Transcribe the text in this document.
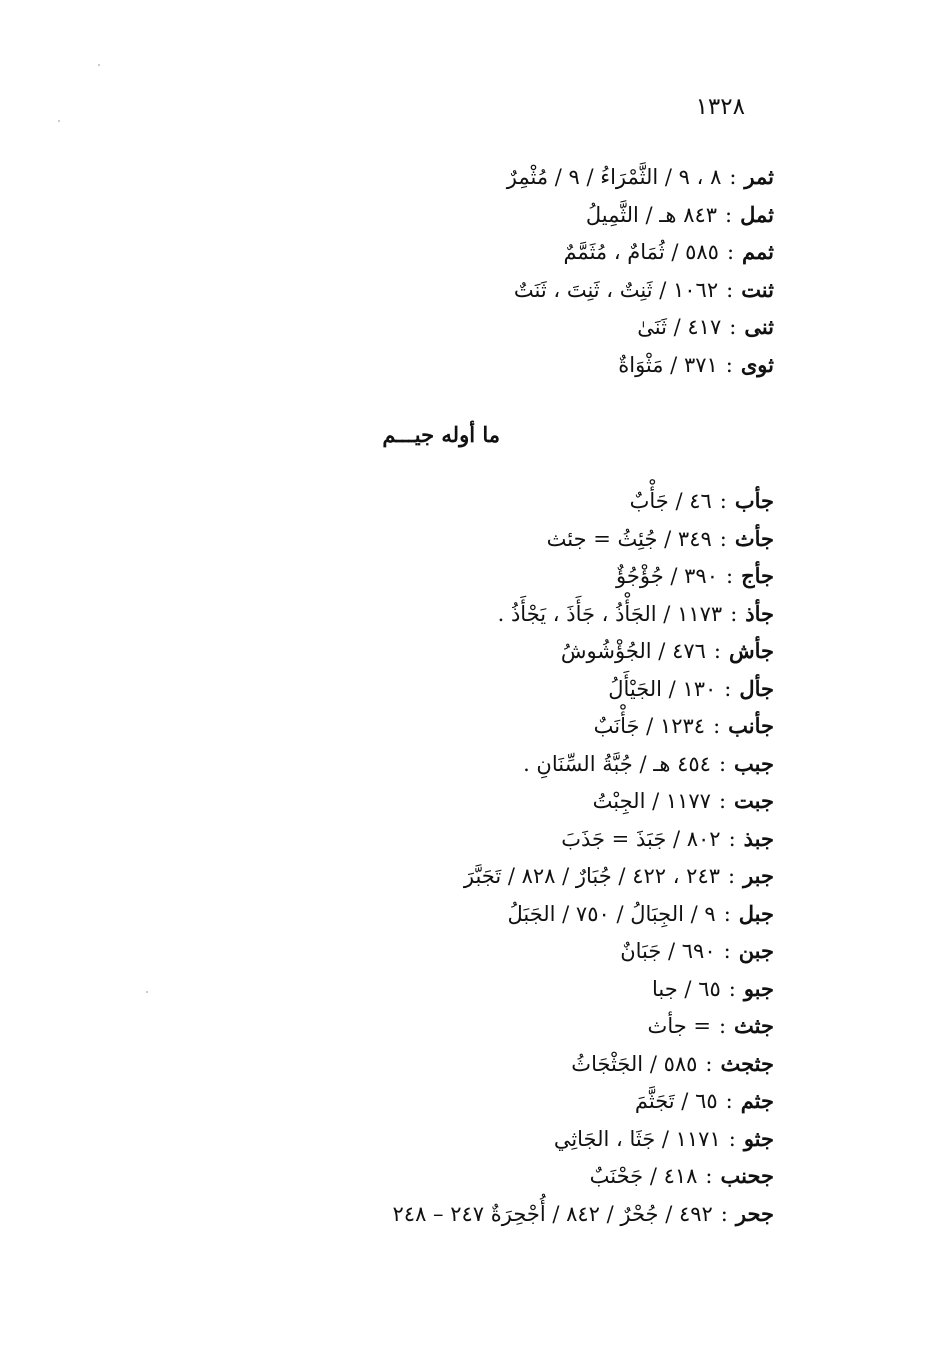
١٣٢٨
ثمر:٨ ، ٩ / الثَّمْرَاءُ / ٩ / مُثْمِرٌ
ثمل:٨٤٣ هـ / الثَّمِيلُ
ثمم:٥٨٥ / ثُمَامٌ ، مُثَمَّمٌ
ثنت:١٠٦٢ / ثَنِتٌ ، ثَنِتَ ، ثَنَتٌ
ثنى:٤١٧ / ثَنَىٰ
ثوى:٣٧١ / مَثْوَاةٌ
ما أوله جيـــم
جأب:٤٦ / جَأْبٌ
جأث:٣٤٩ / جُئِثُ = جئث
جأج:٣٩٠ / جُؤْجُؤٌ
جأذ:١١٧٣ / الجَأْذُ ، جَأَذَ ، يَجْأَذُ .
جأش:٤٧٦ / الجُؤْشُوشُ
جأل:١٣٠ / الجَيْأَلُ
جأنب:١٢٣٤ / جَأْنَبٌ
جبب:٤٥٤ هـ / جُبَّةُ السِّنَانِ .
جبت:١١٧٧ / الجِبْتُ
جبذ:٨٠٢ / جَبَذَ = جَذَبَ
جبر:٢٤٣ ، ٤٢٢ / جُبَارٌ / ٨٢٨ / تَجَبَّرَ
جبل:٩ / الجِبَالُ / ٧٥٠ / الجَبَلُ
جبن:٦٩٠ / جَبَانٌ
جبو:٦٥ / جبا
جثث:= جأث
جثجث:٥٨٥ / الجَثْجَاثُ
جثم:٦٥ / تَجَثَّمَ
جثو:١١٧١ / جَثَا ، الجَاثِي
جحنب:٤١٨ / جَحْنَبٌ
جحر:٤٩٢ / جُحْرٌ / ٨٤٢ / أُجْحِرَةٌ ٢٤٧ – ٢٤٨
